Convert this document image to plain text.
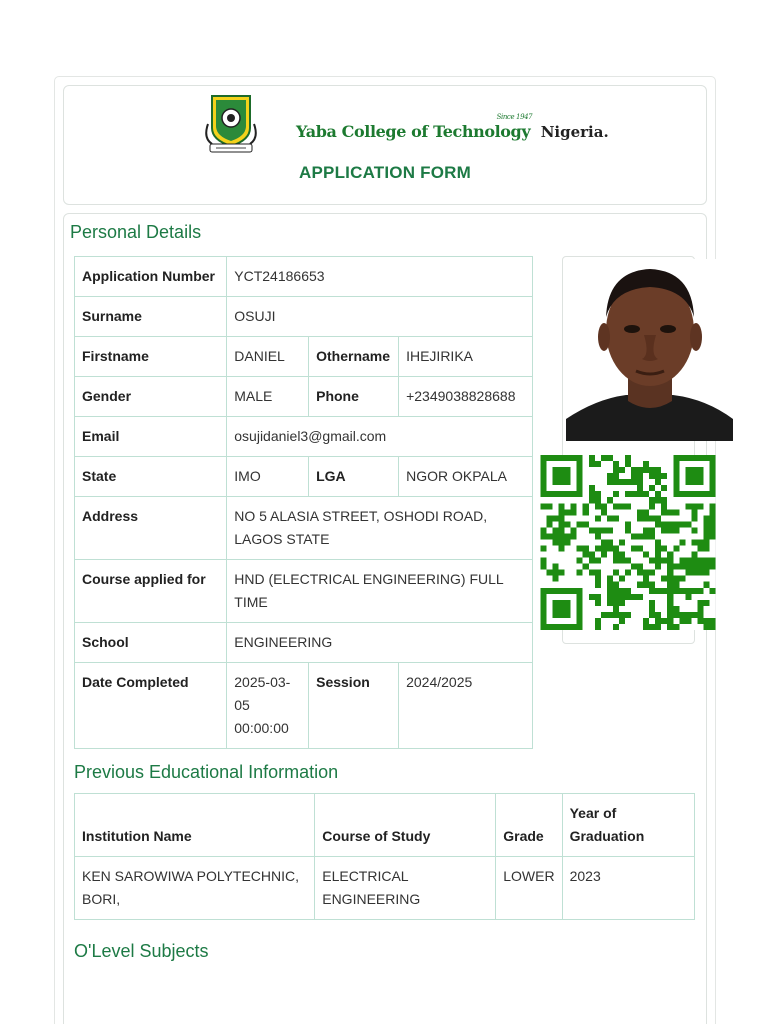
Yaba College of Technology
Since 1947
Nigeria.
APPLICATION FORM
Personal Details
Application Number	YCT24186653		
Surname	OSUJI		
Firstname	DANIEL	Othername	IHEJIRIKA
Gender	MALE	Phone	+2349038828688
Email	osujidaniel3@gmail.com		
State	IMO	LGA	NGOR OKPALA
Address	NO 5 ALASIA STREET, OSHODI ROAD, LAGOS STATE		
Course applied for	HND (ELECTRICAL ENGINEERING) FULL TIME		
School	ENGINEERING		
Date Completed	2025-03-05 00:00:00	Session	2024/2025
Previous Educational Information
Institution Name	Course of Study	Grade	Year of Graduation
KEN SAROWIWA POLYTECHNIC, BORI,	ELECTRICAL ENGINEERING	LOWER	2023
O'Level Subjects
